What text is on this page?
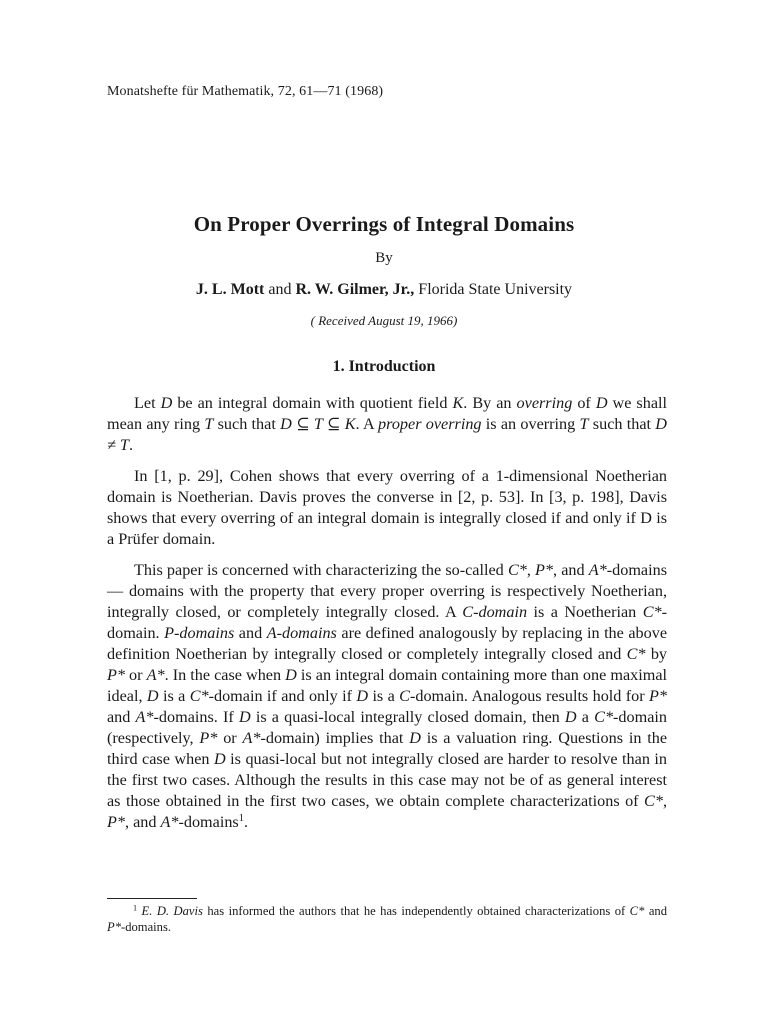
Monatshefte für Mathematik, 72, 61—71 (1968)
On Proper Overrings of Integral Domains
By
J. L. Mott and R. W. Gilmer, Jr., Florida State University
( Received August 19, 1966)
1. Introduction

Let D be an integral domain with quotient field K. By an overring of D we shall mean any ring T such that D ⊆ T ⊆ K. A proper overring is an overring T such that D ≠ T.

In [1, p. 29], Cohen shows that every overring of a 1-dimensional Noetherian domain is Noetherian. Davis proves the converse in [2, p. 53]. In [3, p. 198], Davis shows that every overring of an integral domain is integrally closed if and only if D is a Prüfer domain.

This paper is concerned with characterizing the so-called C*, P*, and A*-domains — domains with the property that every proper overring is respectively Noetherian, integrally closed, or completely integrally closed. A C-domain is a Noetherian C*-domain. P-domains and A-domains are defined analogously by replacing in the above definition Noetherian by integrally closed or completely integrally closed and C* by P* or A*. In the case when D is an integral domain containing more than one maximal ideal, D is a C*-domain if and only if D is a C-domain. Analogous results hold for P* and A*-domains. If D is a quasi-local integrally closed domain, then D a C*-domain (respectively, P* or A*-domain) implies that D is a valuation ring. Questions in the third case when D is quasi-local but not integrally closed are harder to resolve than in the first two cases. Although the results in this case may not be of as general interest as those obtained in the first two cases, we obtain complete characterizations of C*, P*, and A*-domains$^1$.

$^1$ E. D. Davis has informed the authors that he has independently obtained characterizations of C* and P*-domains.
